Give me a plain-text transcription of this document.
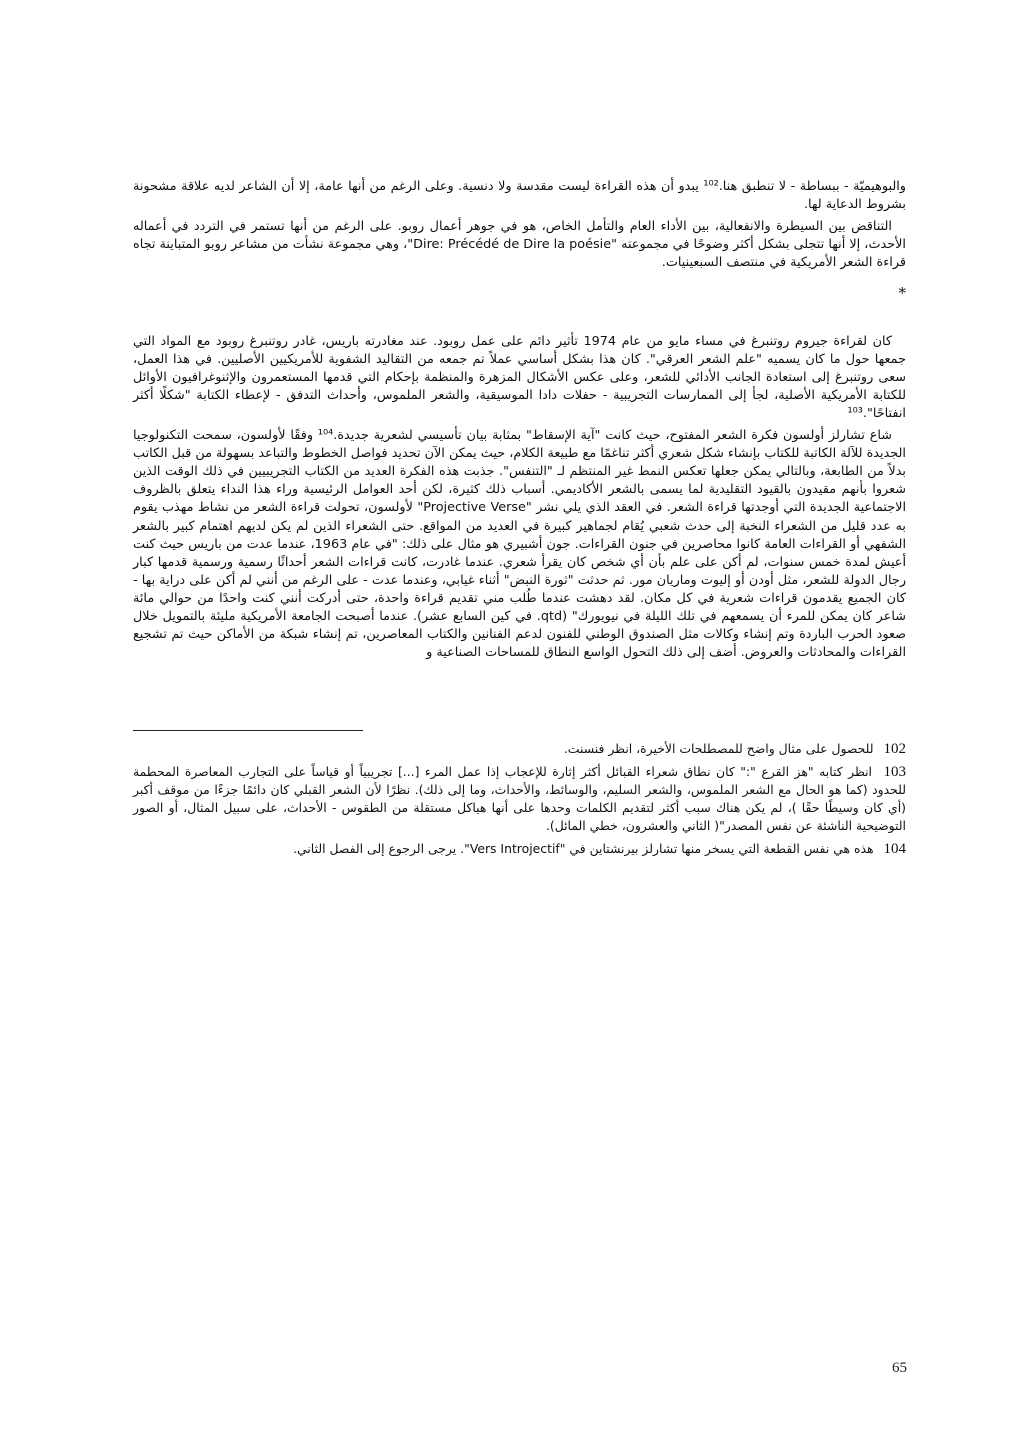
والبوهيميّة - ببساطة - لا تنطبق هنا.¹⁰² يبدو أن هذه القراءة ليست مقدسة ولا دنسية. وعلى الرغم من أنها عامة، إلا أن الشاعر لديه علاقة مشحونة بشروط الدعاية لها.

التناقض بين السيطرة والانفعالية، بين الأداء العام والتأمل الخاص، هو في جوهر أعمال روبو. على الرغم من أنها تستمر في التردد في أعماله الأحدث، إلا أنها تتجلى بشكل أكثر وضوحًا في مجموعته "Dire: Précédé de Dire la poésie"، وهي مجموعة نشأت من مشاعر روبو المتباينة تجاه قراءة الشعر الأمريكية في منتصف السبعينيات.

*

كان لقراءة جيروم روتنبرغ في مساء مايو من عام 1974 تأثير دائم على عمل روبود. عند مغادرته باريس، غادر روتنبرغ روبود مع المواد التي جمعها حول ما كان يسميه "علم الشعر العرقي". كان هذا بشكل أساسي عملاً تم جمعه من التقاليد الشفوية للأمريكيين الأصليين. في هذا العمل، سعى روتنبرغ إلى استعادة الجانب الأدائي للشعر، وعلى عكس الأشكال المزهرة والمنظمة بإحكام التي قدمها المستعمرون والإثنوغرافيون الأوائل للكتابة الأمريكية الأصلية، لجأ إلى الممارسات التجريبية - حفلات دادا الموسيقية، والشعر الملموس، وأحداث التدفق - لإعطاء الكتابة "شكلًا أكثر انفتاحًا".¹⁰³

شاع تشارلز أولسون فكرة الشعر المفتوح، حيث كانت "آية الإسقاط" بمثابة بيان تأسيسي لشعرية جديدة.¹⁰⁴ وفقًا لأولسون، سمحت التكنولوجيا الجديدة للآلة الكاتبة للكتاب بإنشاء شكل شعري أكثر تناغمًا مع طبيعة الكلام، حيث يمكن الآن تحديد فواصل الخطوط والتباعد بسهولة من قبل الكاتب بدلاً من الطابعة، وبالتالي يمكن جعلها تعكس النمط غير المنتظم لـ "التنفس". جذبت هذه الفكرة العديد من الكتاب التجريبيين في ذلك الوقت الذين شعروا بأنهم مقيدون بالقيود التقليدية لما يسمى بالشعر الأكاديمي. أسباب ذلك كثيرة، لكن أحد العوامل الرئيسية وراء هذا النداء يتعلق بالظروف الاجتماعية الجديدة التي أوجدتها قراءة الشعر. في العقد الذي يلي نشر "Projective Verse" لأولسون، تحولت قراءة الشعر من نشاط مهذب يقوم به عدد قليل من الشعراء النخبة إلى حدث شعبي يُقام لجماهير كبيرة في العديد من المواقع. حتى الشعراء الذين لم يكن لديهم اهتمام كبير بالشعر الشفهي أو القراءات العامة كانوا محاصرين في جنون القراءات. جون أشبيري هو مثال على ذلك: "في عام 1963، عندما عدت من باريس حيث كنت أعيش لمدة خمس سنوات، لم أكن على علم بأن أي شخص كان يقرأ شعري. عندما غادرت، كانت قراءات الشعر أحداثًا رسمية ورسمية قدمها كبار رجال الدولة للشعر، مثل أودن أو إليوت وماريان مور. ثم حدثت "ثورة النبض" أثناء غيابي، وعندما عدت - على الرغم من أنني لم أكن على دراية بها - كان الجميع يقدمون قراءات شعرية في كل مكان. لقد دهشت عندما طُلب مني تقديم قراءة واحدة، حتى أدركت أنني كنت واحدًا من حوالي مائة شاعر كان يمكن للمرء أن يسمعهم في تلك الليلة في نيويورك" (qtd. في كين السابع عشر). عندما أصبحت الجامعة الأمريكية مليئة بالتمويل خلال صعود الحرب الباردة وتم إنشاء وكالات مثل الصندوق الوطني للفنون لدعم الفنانين والكتاب المعاصرين، تم إنشاء شبكة من الأماكن حيث تم تشجيع القراءات والمحادثات والعروض. أضف إلى ذلك التحول الواسع النطاق للمساحات الصناعية و

102 للحصول على مثال واضح للمصطلحات الأخيرة، انظر فنسنت.

103 انظر كتابه "هز القرع ":" كان نطاق شعراء القبائل أكثر إثارة للإعجاب إذا عمل المرء [...] تجريبياً أو قياساً على التجارب المعاصرة المحطمة للحدود (كما هو الحال مع الشعر الملموس، والشعر السليم، والوسائط، والأحداث، وما إلى ذلك). نظرًا لأن الشعر القبلي كان دائمًا جزءًا من موقف أكبر (أي كان وسيطًا حقًا )، لم يكن هناك سبب أكثر لتقديم الكلمات وحدها على أنها هياكل مستقلة من الطقوس - الأحداث، على سبيل المثال، أو الصور التوضيحية الناشئة عن نفس المصدر"( الثاني والعشرون، خطي المائل).

104 هذه هي نفس القطعة التي يسخر منها تشارلز بيرنشتاين في "Vers Introjectif". يرجى الرجوع إلى الفصل الثاني.

65
